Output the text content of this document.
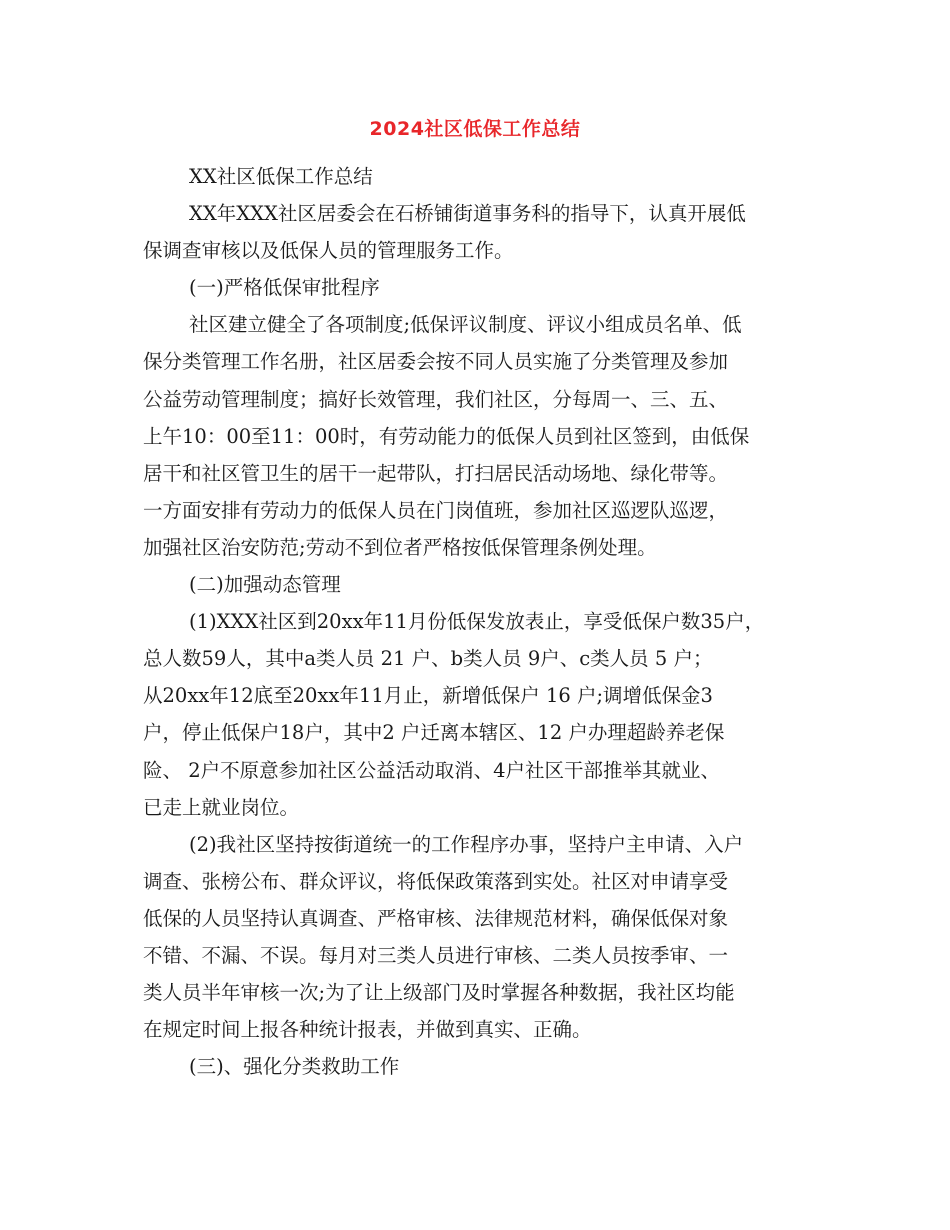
2024社区低保工作总结
XX社区低保工作总结
XX年XXX社区居委会在石桥铺街道事务科的指导下，认真开展低
保调查审核以及低保人员的管理服务工作。
(一)严格低保审批程序
社区建立健全了各项制度;低保评议制度、评议小组成员名单、低
保分类管理工作名册，社区居委会按不同人员实施了分类管理及参加
公益劳动管理制度；搞好长效管理，我们社区，分每周一、三、五、
上午10：00至11：00时，有劳动能力的低保人员到社区签到，由低保
居干和社区管卫生的居干一起带队，打扫居民活动场地、绿化带等。
一方面安排有劳动力的低保人员在门岗值班，参加社区巡逻队巡逻，
加强社区治安防范;劳动不到位者严格按低保管理条例处理。
(二)加强动态管理
(1)XXX社区到20xx年11月份低保发放表止，享受低保户数35户，
总人数59人，其中a类人员 21 户、b类人员 9户、c类人员 5 户；
从20xx年12底至20xx年11月止，新增低保户 16 户;调增低保金3
户，停止低保户18户，其中2 户迁离本辖区、12 户办理超龄养老保
险、 2户不原意参加社区公益活动取消、4户社区干部推举其就业、
已走上就业岗位。
(2)我社区坚持按街道统一的工作程序办事，坚持户主申请、入户
调查、张榜公布、群众评议，将低保政策落到实处。社区对申请享受
低保的人员坚持认真调查、严格审核、法律规范材料，确保低保对象
不错、不漏、不误。每月对三类人员进行审核、二类人员按季审、一
类人员半年审核一次;为了让上级部门及时掌握各种数据，我社区均能
在规定时间上报各种统计报表，并做到真实、正确。
(三)、强化分类救助工作
